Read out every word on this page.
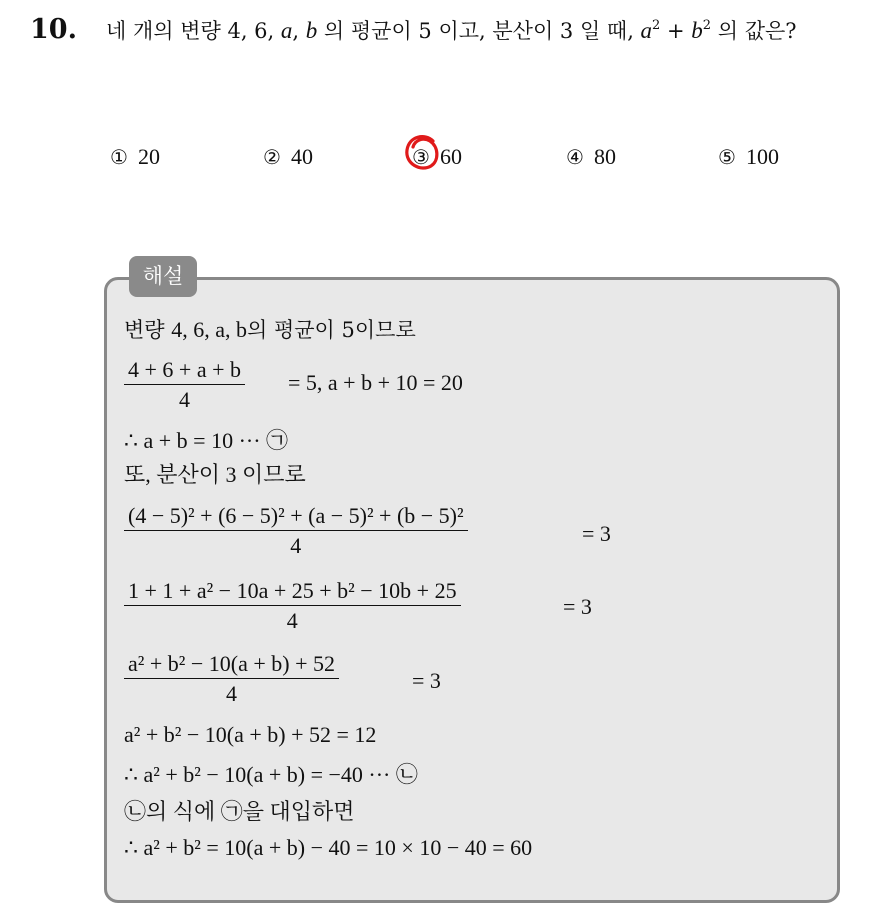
10. 네 개의 변량 4, 6, a, b 의 평균이 5 이고, 분산이 3 일 때, $a^2 + b^2$ 의 값은?
① 20	② 40	③ 60	④ 80	⑤ 100
해설
변량 4, 6, a, b의 평균이 5이므로
$\frac{4 + 6 + a + b}{4} = 5$, a + b + 10 = 20
∴ a + b = 10 ··· ㉠
또, 분산이 3 이므로
$\frac{\text{(4 − 5)² + (6 − 5)² + (a − 5)² + (b − 5)²}}{4}$	= 3
$\frac{\text{1 + 1 + a² − 10a + 25 + b² − 10b + 25}}{4}$	= 3
$\frac{\text{a² + b² − 10(a + b) + 52}}{4}$	= 3
a² + b² − 10(a + b) + 52 = 12
∴ a² + b² − 10(a + b) = −40 ··· ㉡
㉡의 식에 ㉠을 대입하면
∴ a² + b² = 10(a + b) − 40 = 10 × 10 − 40 = 60
